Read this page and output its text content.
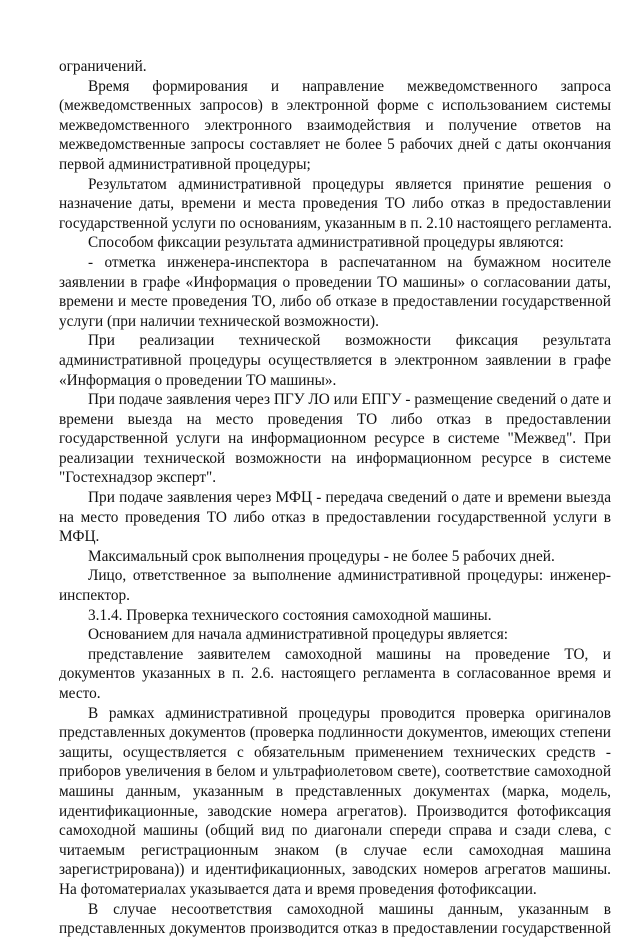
ограничений.
Время формирования и направление межведомственного запроса
(межведомственных запросов) в электронной форме с использованием системы
межведомственного электронного взаимодействия и получение ответов на
межведомственные запросы составляет не более 5 рабочих дней с даты окончания
первой административной процедуры;
Результатом административной процедуры является принятие решения о
назначение даты, времени и места проведения ТО либо отказ в предоставлении
государственной услуги по основаниям, указанным в п. 2.10 настоящего регламента.
Способом фиксации результата административной процедуры являются:
- отметка инженера-инспектора в распечатанном на бумажном носителе
заявлении в графе «Информация о проведении ТО машины» о согласовании даты,
времени и месте проведения ТО, либо об отказе в предоставлении государственной
услуги (при наличии технической возможности).
При реализации технической возможности фиксация результата
административной процедуры осуществляется в электронном заявлении в графе
«Информация о проведении ТО машины».
При подаче заявления через ПГУ ЛО или ЕПГУ - размещение сведений о дате и
времени выезда на место проведения ТО либо отказ в предоставлении
государственной услуги на информационном ресурсе в системе "Межвед". При
реализации технической возможности на информационном ресурсе в системе
"Гостехнадзор эксперт".
При подаче заявления через МФЦ - передача сведений о дате и времени выезда
на место проведения ТО либо отказ в предоставлении государственной услуги в
МФЦ.
Максимальный срок выполнения процедуры - не более 5 рабочих дней.
Лицо, ответственное за выполнение административной процедуры: инженер-
инспектор.
3.1.4. Проверка технического состояния самоходной машины.
Основанием для начала административной процедуры является:
представление заявителем самоходной машины на проведение ТО, и
документов указанных в п. 2.6. настоящего регламента в согласованное время и
место.
В рамках административной процедуры проводится проверка оригиналов
представленных документов (проверка подлинности документов, имеющих степени
защиты, осуществляется с обязательным применением технических средств -
приборов увеличения в белом и ультрафиолетовом свете), соответствие самоходной
машины данным, указанным в представленных документах (марка, модель,
идентификационные, заводские номера агрегатов). Производится фотофиксация
самоходной машины (общий вид по диагонали спереди справа и сзади слева, с
читаемым регистрационным знаком (в случае если самоходная машина
зарегистрирована)) и идентификационных, заводских номеров агрегатов машины.
На фотоматериалах указывается дата и время проведения фотофиксации.
В случае несоответствия самоходной машины данным, указанным в
представленных документов производится отказ в предоставлении государственной
